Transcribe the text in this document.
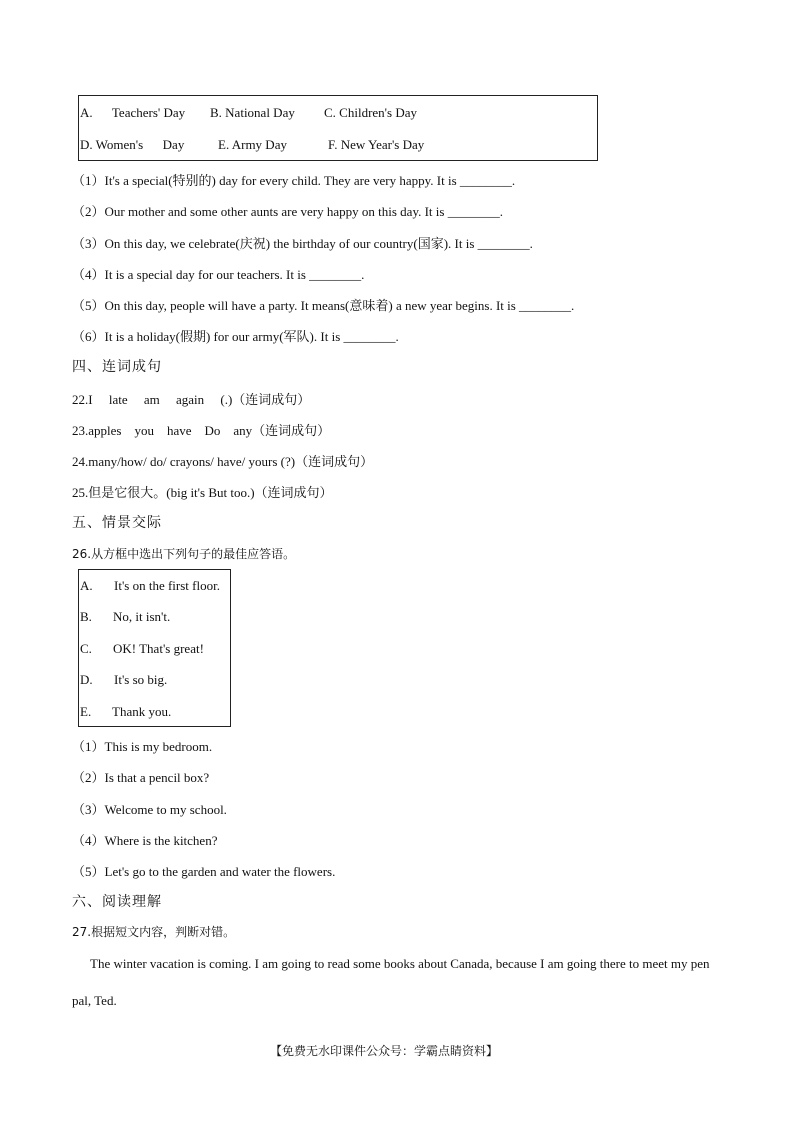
A.      Teachers' Day B. National Day C. Children's Day
D. Women's      Day	E. Army Day	F. New Year's Day
（1）It's a special(特别的) day for every child. They are very happy. It is ________.
（2）Our mother and some other aunts are very happy on this day. It is ________.
（3）On this day, we celebrate(庆祝) the birthday of our country(国家). It is ________.
（4）It is a special day for our teachers. It is ________.
（5）On this day, people will have a party. It means(意味着) a new year begins. It is ________.
（6）It is a holiday(假期) for our army(军队). It is ________.
四、连词成句
22.I     late     am     again     (.)（连词成句）
23.apples    you    have    Do    any（连词成句）
24.many/how/ do/ crayons/ have/ yours (?)（连词成句）
25.但是它很大。(big it's But too.)（连词成句）
五、情景交际
26.从方框中选出下列句子的最佳应答语。
A. It's on the first floor.
B. No, it isn't.
C. OK! That's great!
D. It's so big.
E. Thank you.
（1）This is my bedroom.
（2）Is that a pencil box?
（3）Welcome to my school.
（4）Where is the kitchen?
（5）Let's go to the garden and water the flowers.
六、阅读理解
27.根据短文内容，判断对错。
The winter vacation is coming. I am going to read some books about Canada, because I am going there to meet my pen pal, Ted.
【免费无水印课件公众号：学霸点睛资料】
